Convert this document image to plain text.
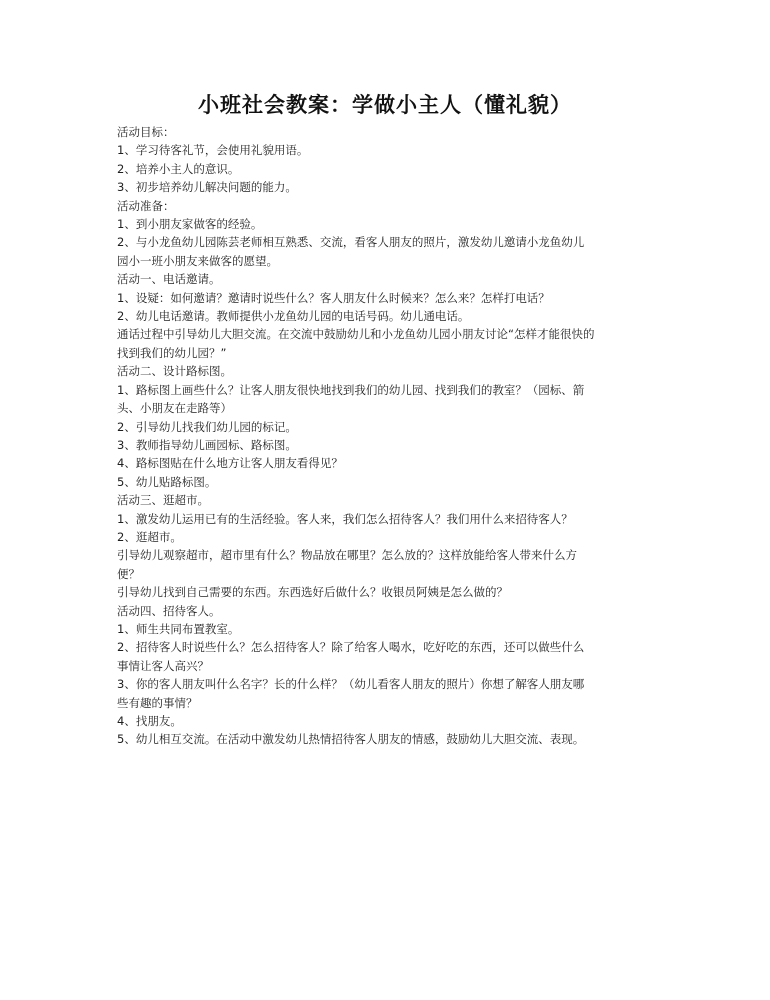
小班社会教案：学做小主人（懂礼貌）
活动目标：
1、学习待客礼节，会使用礼貌用语。
2、培养小主人的意识。
3、初步培养幼儿解决问题的能力。
活动准备：
1、到小朋友家做客的经验。
2、与小龙鱼幼儿园陈芸老师相互熟悉、交流，看客人朋友的照片，激发幼儿邀请小龙鱼幼儿
园小一班小朋友来做客的愿望。
活动一、电话邀请。
1、设疑：如何邀请？邀请时说些什么？客人朋友什么时候来？怎么来？怎样打电话？
2、幼儿电话邀请。教师提供小龙鱼幼儿园的电话号码。幼儿通电话。
通话过程中引导幼儿大胆交流。在交流中鼓励幼儿和小龙鱼幼儿园小朋友讨论“怎样才能很快的
找到我们的幼儿园？”
活动二、设计路标图。
1、路标图上画些什么？让客人朋友很快地找到我们的幼儿园、找到我们的教室？（园标、箭
头、小朋友在走路等）
2、引导幼儿找我们幼儿园的标记。
3、教师指导幼儿画园标、路标图。
4、路标图贴在什么地方让客人朋友看得见？
5、幼儿贴路标图。
活动三、逛超市。
1、激发幼儿运用已有的生活经验。客人来，我们怎么招待客人？我们用什么来招待客人？
2、逛超市。
引导幼儿观察超市，超市里有什么？物品放在哪里？怎么放的？这样放能给客人带来什么方
便？
引导幼儿找到自己需要的东西。东西选好后做什么？收银员阿姨是怎么做的？
活动四、招待客人。
1、师生共同布置教室。
2、招待客人时说些什么？怎么招待客人？除了给客人喝水，吃好吃的东西，还可以做些什么
事情让客人高兴？
3、你的客人朋友叫什么名字？长的什么样？（幼儿看客人朋友的照片）你想了解客人朋友哪
些有趣的事情？
4、找朋友。
5、幼儿相互交流。在活动中激发幼儿热情招待客人朋友的情感，鼓励幼儿大胆交流、表现。
